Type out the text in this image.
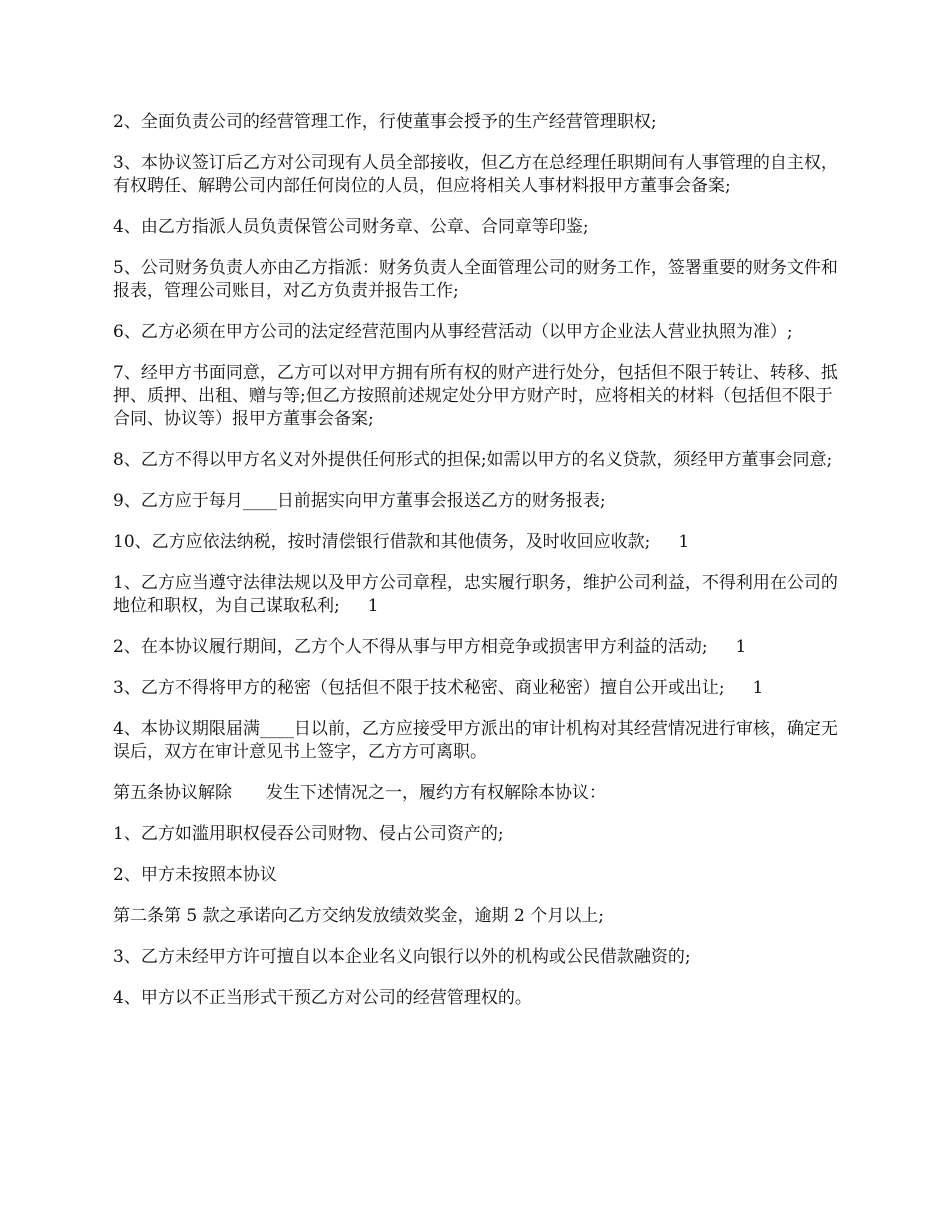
2、全面负责公司的经营管理工作，行使董事会授予的生产经营管理职权;

3、本协议签订后乙方对公司现有人员全部接收，但乙方在总经理任职期间有人事管理的自主权，有权聘任、解聘公司内部任何岗位的人员，但应将相关人事材料报甲方董事会备案;

4、由乙方指派人员负责保管公司财务章、公章、合同章等印鉴;

5、公司财务负责人亦由乙方指派：财务负责人全面管理公司的财务工作，签署重要的财务文件和报表，管理公司账目，对乙方负责并报告工作;

6、乙方必须在甲方公司的法定经营范围内从事经营活动（以甲方企业法人营业执照为准）;

7、经甲方书面同意，乙方可以对甲方拥有所有权的财产进行处分，包括但不限于转让、转移、抵押、质押、出租、赠与等;但乙方按照前述规定处分甲方财产时，应将相关的材料（包括但不限于合同、协议等）报甲方董事会备案;

8、乙方不得以甲方名义对外提供任何形式的担保;如需以甲方的名义贷款，须经甲方董事会同意;

9、乙方应于每月____日前据实向甲方董事会报送乙方的财务报表;

10、乙方应依法纳税，按时清偿银行借款和其他债务，及时收回应收款; 1

1、乙方应当遵守法律法规以及甲方公司章程，忠实履行职务，维护公司利益，不得利用在公司的地位和职权，为自己谋取私利; 1

2、在本协议履行期间，乙方个人不得从事与甲方相竞争或损害甲方利益的活动; 1

3、乙方不得将甲方的秘密（包括但不限于技术秘密、商业秘密）擅自公开或出让; 1

4、本协议期限届满____日以前，乙方应接受甲方派出的审计机构对其经营情况进行审核，确定无误后，双方在审计意见书上签字，乙方方可离职。

第五条协议解除 发生下述情况之一，履约方有权解除本协议：

1、乙方如滥用职权侵吞公司财物、侵占公司资产的;

2、甲方未按照本协议

第二条第 5 款之承诺向乙方交纳发放绩效奖金，逾期 2 个月以上;

3、乙方未经甲方许可擅自以本企业名义向银行以外的机构或公民借款融资的;

4、甲方以不正当形式干预乙方对公司的经营管理权的。
